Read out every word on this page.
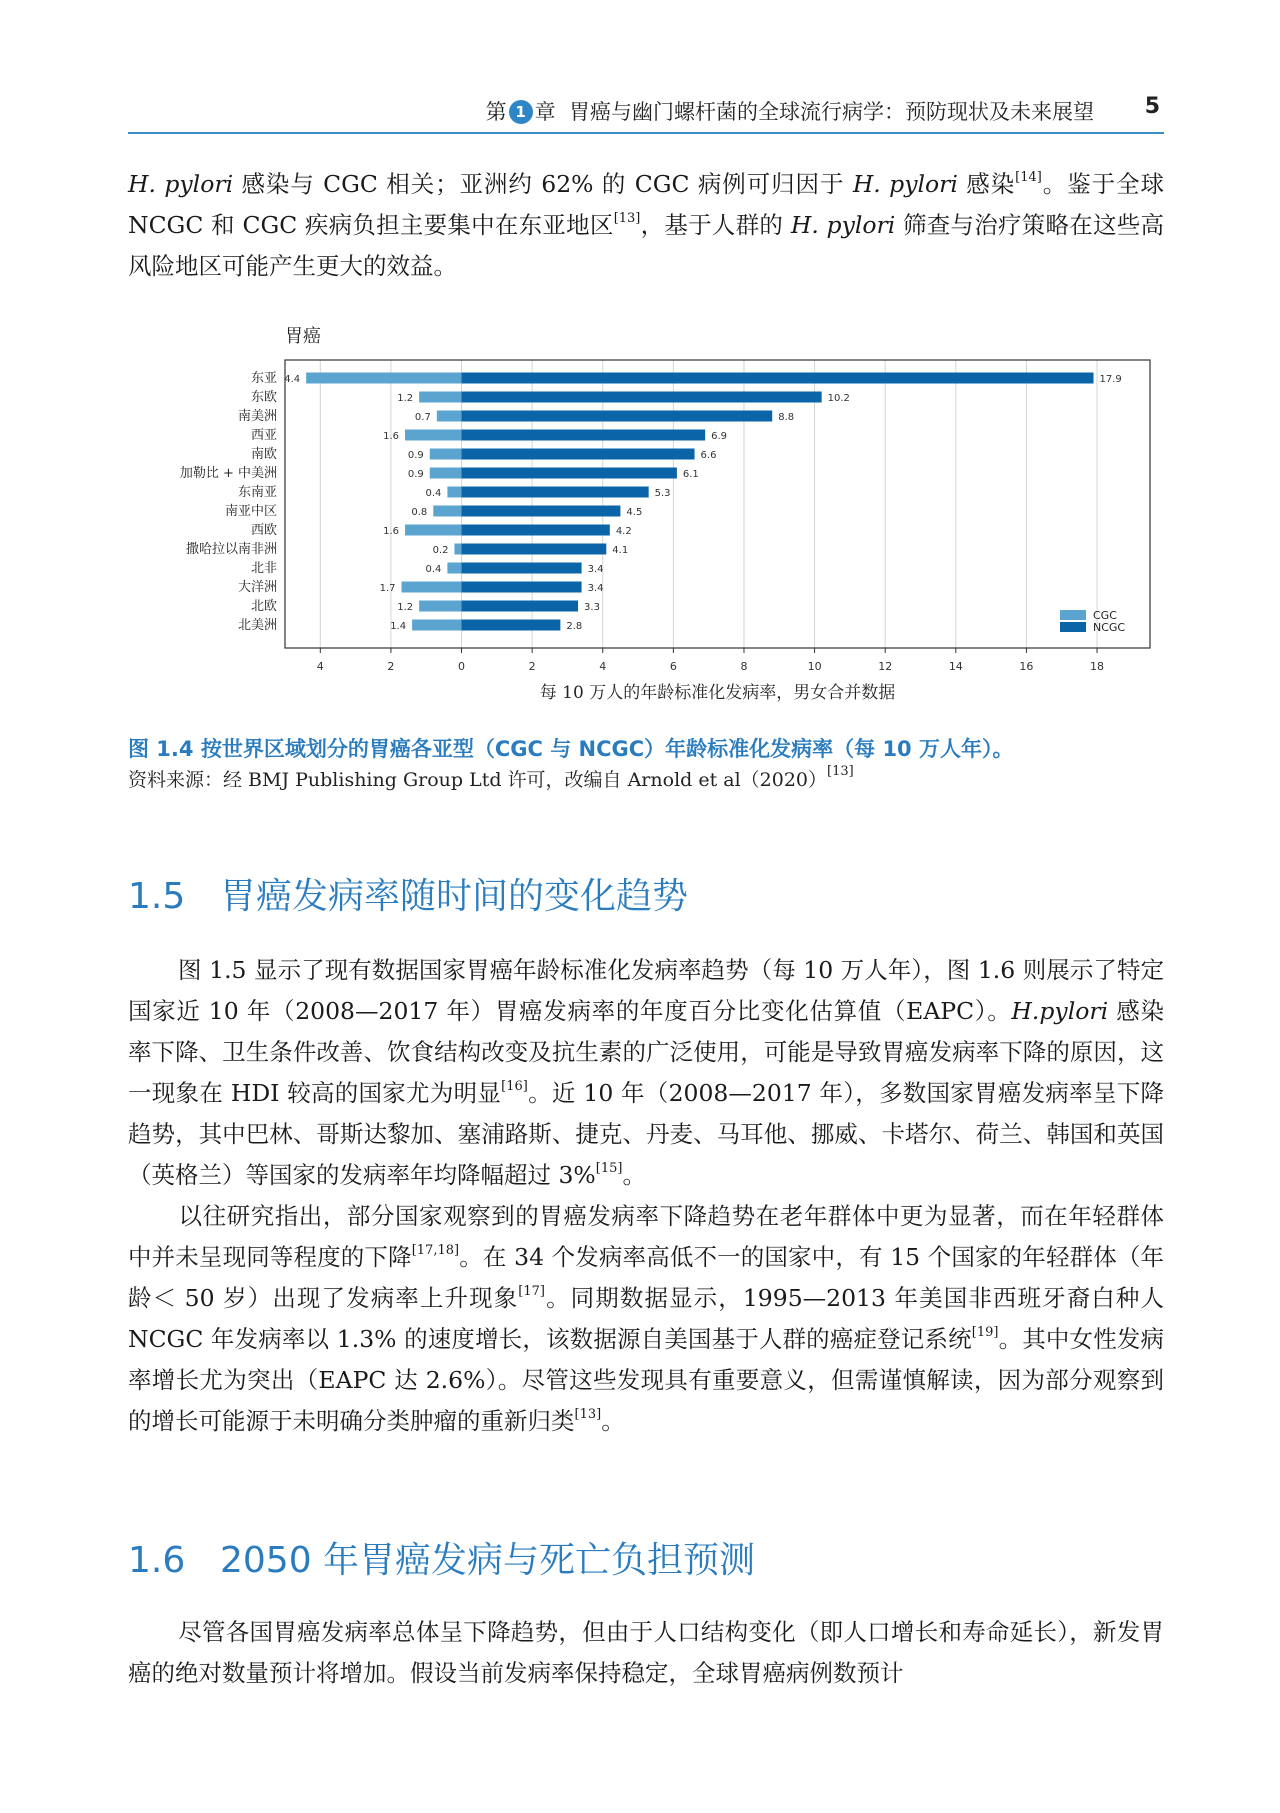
第 1 章 胃癌与幽门螺杆菌的全球流行病学：预防现状及未来展望 5
H. pylori 感染与 CGC 相关；亚洲约 62% 的 CGC 病例可归因于 H. pylori 感染[14]。鉴于全球 NCGC 和 CGC 疾病负担主要集中在东亚地区[13]，基于人群的 H. pylori 筛查与治疗策略在这些高风险地区可能产生更大的效益。
胃癌
4	2	0	2	4	6	8	10	12	14	16	18
东亚 4.4	17.9
东欧	1.2	10.2
南美洲	0.7	8.8
西亚	1.6	6.9
南欧	0.9	6.6
加勒比 + 中美洲	0.9	6.1
东南亚	0.4	5.3
南亚中区	0.8	4.5
西欧	1.6	4.2
撒哈拉以南非洲	0.2	4.1
北非	0.4	3.4
大洋洲	1.7	3.4
北欧	1.2	3.3
北美洲	1.4	2.8
CGC
NCGC
每 10 万人的年龄标准化发病率，男女合并数据
图 1.4 按世界区域划分的胃癌各亚型（CGC 与 NCGC）年龄标准化发病率（每 10 万人年）。
资料来源：经 BMJ Publishing Group Ltd 许可，改编自 Arnold et al（2020）[13]
1.5 胃癌发病率随时间的变化趋势
图 1.5 显示了现有数据国家胃癌年龄标准化发病率趋势（每 10 万人年），图 1.6 则展示了特定国家近 10 年（2008—2017 年）胃癌发病率的年度百分比变化估算值（EAPC）。H.pylori 感染率下降、卫生条件改善、饮食结构改变及抗生素的广泛使用，可能是导致胃癌发病率下降的原因，这一现象在 HDI 较高的国家尤为明显[16]。近 10 年（2008—2017 年），多数国家胃癌发病率呈下降趋势，其中巴林、哥斯达黎加、塞浦路斯、捷克、丹麦、马耳他、挪威、卡塔尔、荷兰、韩国和英国（英格兰）等国家的发病率年均降幅超过 3%[15]。
以往研究指出，部分国家观察到的胃癌发病率下降趋势在老年群体中更为显著，而在年轻群体中并未呈现同等程度的下降[17,18]。在 34 个发病率高低不一的国家中，有 15 个国家的年轻群体（年龄＜ 50 岁）出现了发病率上升现象[17]。同期数据显示，1995—2013 年美国非西班牙裔白种人 NCGC 年发病率以 1.3% 的速度增长，该数据源自美国基于人群的癌症登记系统[19]。其中女性发病率增长尤为突出（EAPC 达 2.6%）。尽管这些发现具有重要意义，但需谨慎解读，因为部分观察到的增长可能源于未明确分类肿瘤的重新归类[13]。
1.6 2050 年胃癌发病与死亡负担预测
尽管各国胃癌发病率总体呈下降趋势，但由于人口结构变化（即人口增长和寿命延长），新发胃癌的绝对数量预计将增加。假设当前发病率保持稳定，全球胃癌病例数预计
